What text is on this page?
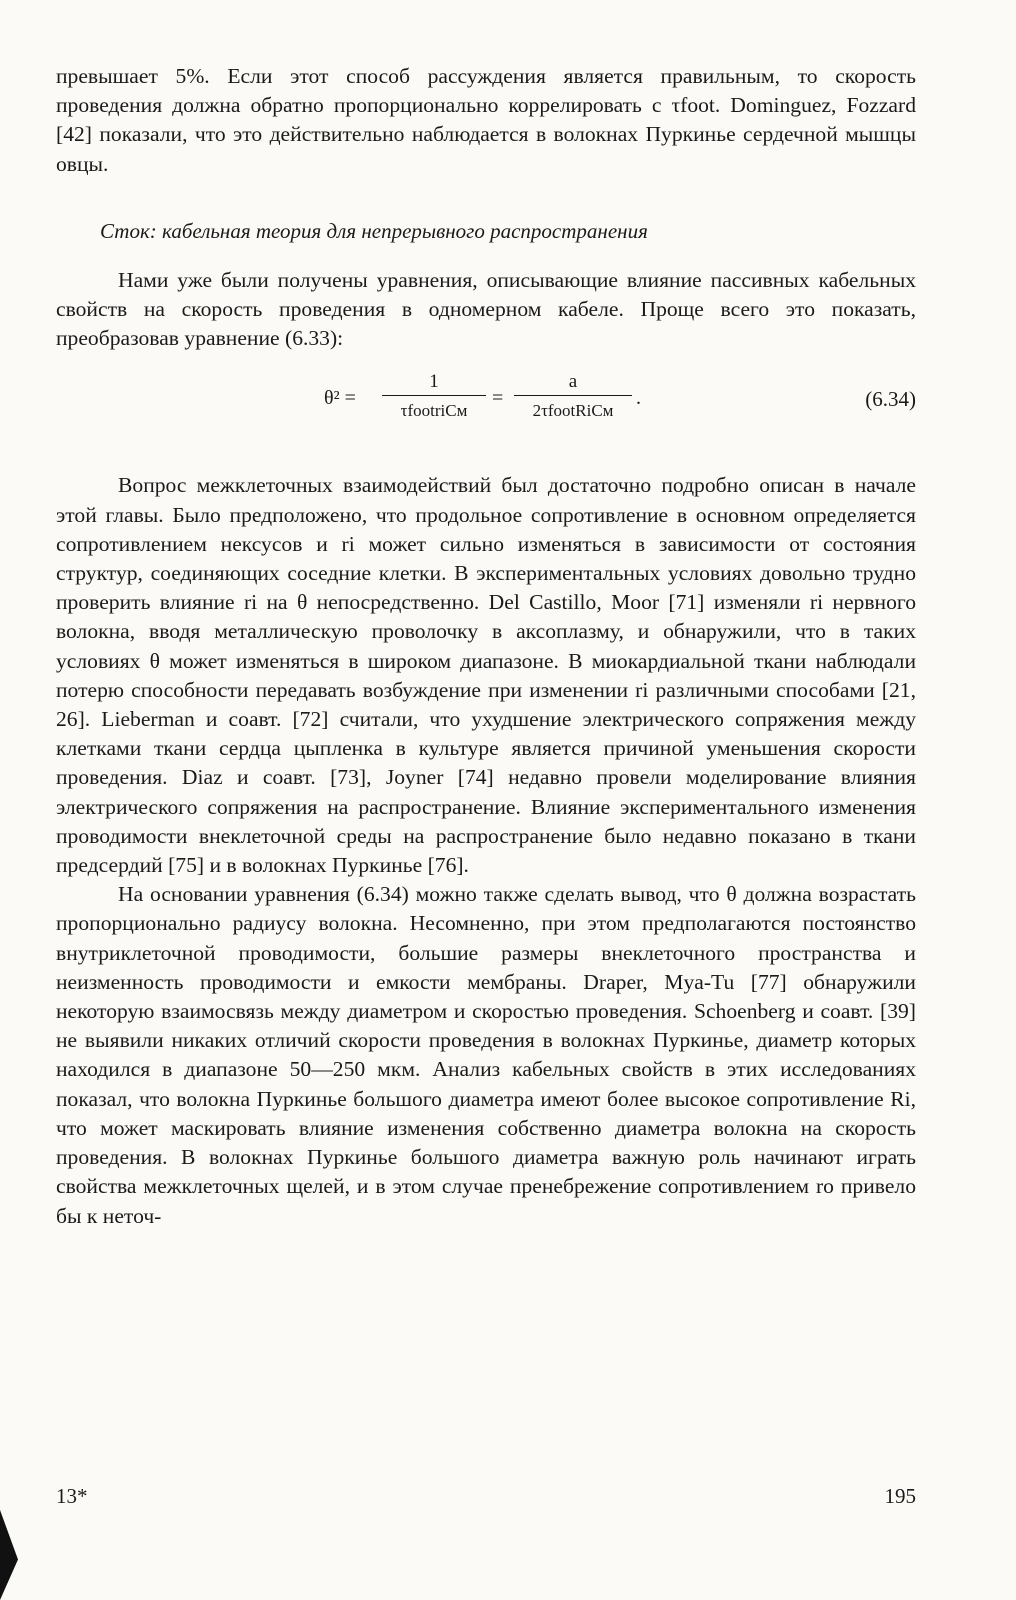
превышает 5%. Если этот способ рассуждения является правильным, то скорость проведения должна обратно пропорционально коррелировать с τfoot. Dominguez, Fozzard [42] показали, что это действительно наблюдается в волокнах Пуркинье сердечной мышцы овцы.

Сток: кабельная теория для непрерывного распространения

Нами уже были получены уравнения, описывающие влияние пассивных кабельных свойств на скорость проведения в одномерном кабеле. Проще всего это показать, преобразовав уравнение (6.33):

θ² =
1
τfootriCм
=
a
2τfootRiCм
.	(6.34)

Вопрос межклеточных взаимодействий был достаточно подробно описан в начале этой главы. Было предположено, что продольное сопротивление в основном определяется сопротивлением нексусов и ri может сильно изменяться в зависимости от состояния структур, соединяющих соседние клетки. В экспериментальных условиях довольно трудно проверить влияние ri на θ непосредственно. Del Castillo, Moor [71] изменяли ri нервного волокна, вводя металлическую проволочку в аксоплазму, и обнаружили, что в таких условиях θ может изменяться в широком диапазоне. В миокардиальной ткани наблюдали потерю способности передавать возбуждение при изменении ri различными способами [21, 26]. Lieberman и соавт. [72] считали, что ухудшение электрического сопряжения между клетками ткани сердца цыпленка в культуре является причиной уменьшения скорости проведения. Diaz и соавт. [73], Joyner [74] недавно провели моделирование влияния электрического сопряжения на распространение. Влияние экспериментального изменения проводимости внеклеточной среды на распространение было недавно показано в ткани предсердий [75] и в волокнах Пуркинье [76].

На основании уравнения (6.34) можно также сделать вывод, что θ должна возрастать пропорционально радиусу волокна. Несомненно, при этом предполагаются постоянство внутриклеточной проводимости, большие размеры внеклеточного пространства и неизменность проводимости и емкости мембраны. Draper, Mya-Tu [77] обнаружили некоторую взаимосвязь между диаметром и скоростью проведения. Schoenberg и соавт. [39] не выявили никаких отличий скорости проведения в волокнах Пуркинье, диаметр которых находился в диапазоне 50—250 мкм. Анализ кабельных свойств в этих исследованиях показал, что волокна Пуркинье большого диаметра имеют более высокое сопротивление Ri, что может маскировать влияние изменения собственно диаметра волокна на скорость проведения. В волокнах Пуркинье большого диаметра важную роль начинают играть свойства межклеточных щелей, и в этом случае пренебрежение сопротивлением ro привело бы к неточ-

13*	195
